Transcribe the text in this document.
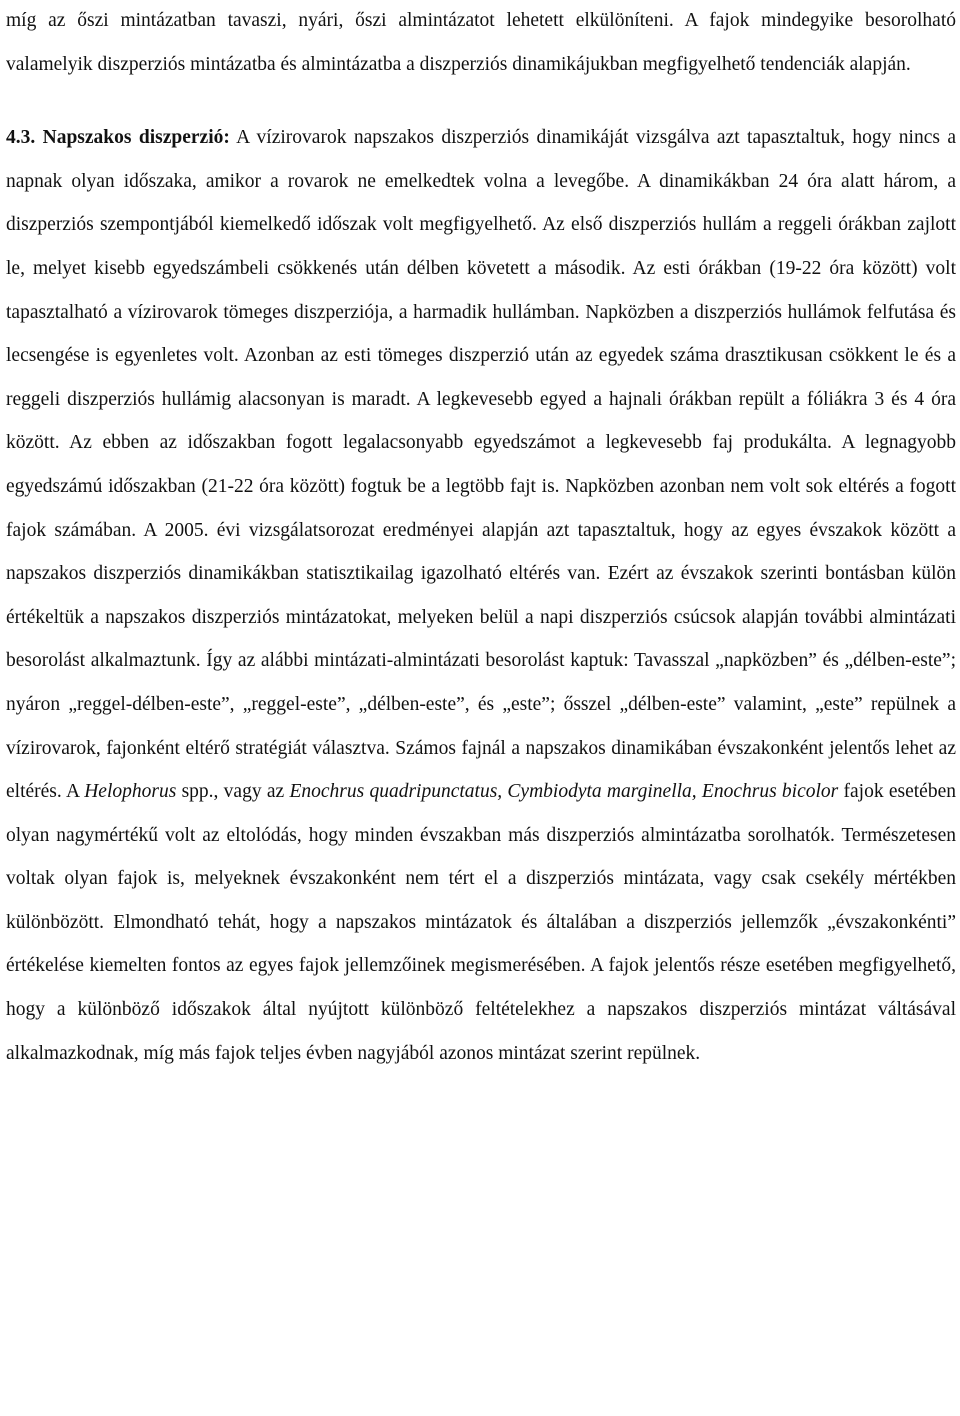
míg az őszi mintázatban tavaszi, nyári, őszi almintázatot lehetett elkülöníteni. A fajok mindegyike besorolható valamelyik diszperziós mintázatba és almintázatba a diszperziós dinamikájukban megfigyelhető tendenciák alapján.

4.3. Napszakos diszperzió: A vízirovarok napszakos diszperziós dinamikáját vizsgálva azt tapasztaltuk, hogy nincs a napnak olyan időszaka, amikor a rovarok ne emelkedtek volna a levegőbe. A dinamikákban 24 óra alatt három, a diszperziós szempontjából kiemelkedő időszak volt megfigyelhető. Az első diszperziós hullám a reggeli órákban zajlott le, melyet kisebb egyedszámbeli csökkenés után délben követett a második. Az esti órákban (19-22 óra között) volt tapasztalható a vízirovarok tömeges diszperziója, a harmadik hullámban. Napközben a diszperziós hullámok felfutása és lecsengése is egyenletes volt. Azonban az esti tömeges diszperzió után az egyedek száma drasztikusan csökkent le és a reggeli diszperziós hullámig alacsonyan is maradt. A legkevesebb egyed a hajnali órákban repült a fóliákra 3 és 4 óra között. Az ebben az időszakban fogott legalacsonyabb egyedszámot a legkevesebb faj produkálta. A legnagyobb egyedszámú időszakban (21-22 óra között) fogtuk be a legtöbb fajt is. Napközben azonban nem volt sok eltérés a fogott fajok számában. A 2005. évi vizsgálatsorozat eredményei alapján azt tapasztaltuk, hogy az egyes évszakok között a napszakos diszperziós dinamikákban statisztikailag igazolható eltérés van. Ezért az évszakok szerinti bontásban külön értékeltük a napszakos diszperziós mintázatokat, melyeken belül a napi diszperziós csúcsok alapján további almintázati besorolást alkalmaztunk. Így az alábbi mintázati-almintázati besorolást kaptuk: Tavasszal „napközben” és „délben-este”; nyáron „reggel-délben-este”, „reggel-este”, „délben-este”, és „este”; ősszel „délben-este” valamint, „este” repülnek a vízirovarok, fajonként eltérő stratégiát választva. Számos fajnál a napszakos dinamikában évszakonként jelentős lehet az eltérés. A Helophorus spp., vagy az Enochrus quadripunctatus, Cymbiodyta marginella, Enochrus bicolor fajok esetében olyan nagymértékű volt az eltolódás, hogy minden évszakban más diszperziós almintázatba sorolhatók. Természetesen voltak olyan fajok is, melyeknek évszakonként nem tért el a diszperziós mintázata, vagy csak csekély mértékben különbözött. Elmondható tehát, hogy a napszakos mintázatok és általában a diszperziós jellemzők „évszakonkénti” értékelése kiemelten fontos az egyes fajok jellemzőinek megismerésében. A fajok jelentős része esetében megfigyelhető, hogy a különböző időszakok által nyújtott különböző feltételekhez a napszakos diszperziós mintázat váltásával alkalmazkodnak, míg más fajok teljes évben nagyjából azonos mintázat szerint repülnek.
